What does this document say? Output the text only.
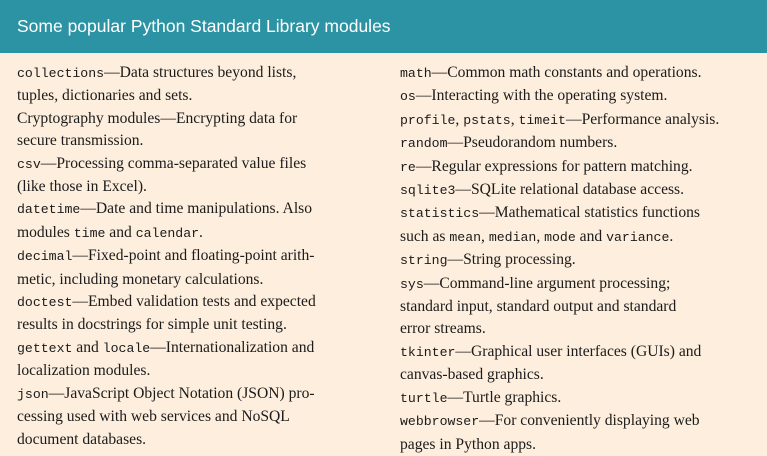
Some popular Python Standard Library modules
collections—Data structures beyond lists,
tuples, dictionaries and sets.
Cryptography modules—Encrypting data for
secure transmission.
csv—Processing comma-separated value files
(like those in Excel).
datetime—Date and time manipulations. Also
modules time and calendar.
decimal—Fixed-point and floating-point arith-
metic, including monetary calculations.
doctest—Embed validation tests and expected
results in docstrings for simple unit testing.
gettext and locale—Internationalization and
localization modules.
json—JavaScript Object Notation (JSON) pro-
cessing used with web services and NoSQL
document databases.
math—Common math constants and operations.
os—Interacting with the operating system.
profile, pstats, timeit—Performance analysis.
random—Pseudorandom numbers.
re—Regular expressions for pattern matching.
sqlite3—SQLite relational database access.
statistics—Mathematical statistics functions
such as mean, median, mode and variance.
string—String processing.
sys—Command-line argument processing;
standard input, standard output and standard
error streams.
tkinter—Graphical user interfaces (GUIs) and
canvas-based graphics.
turtle—Turtle graphics.
webbrowser—For conveniently displaying web
pages in Python apps.
